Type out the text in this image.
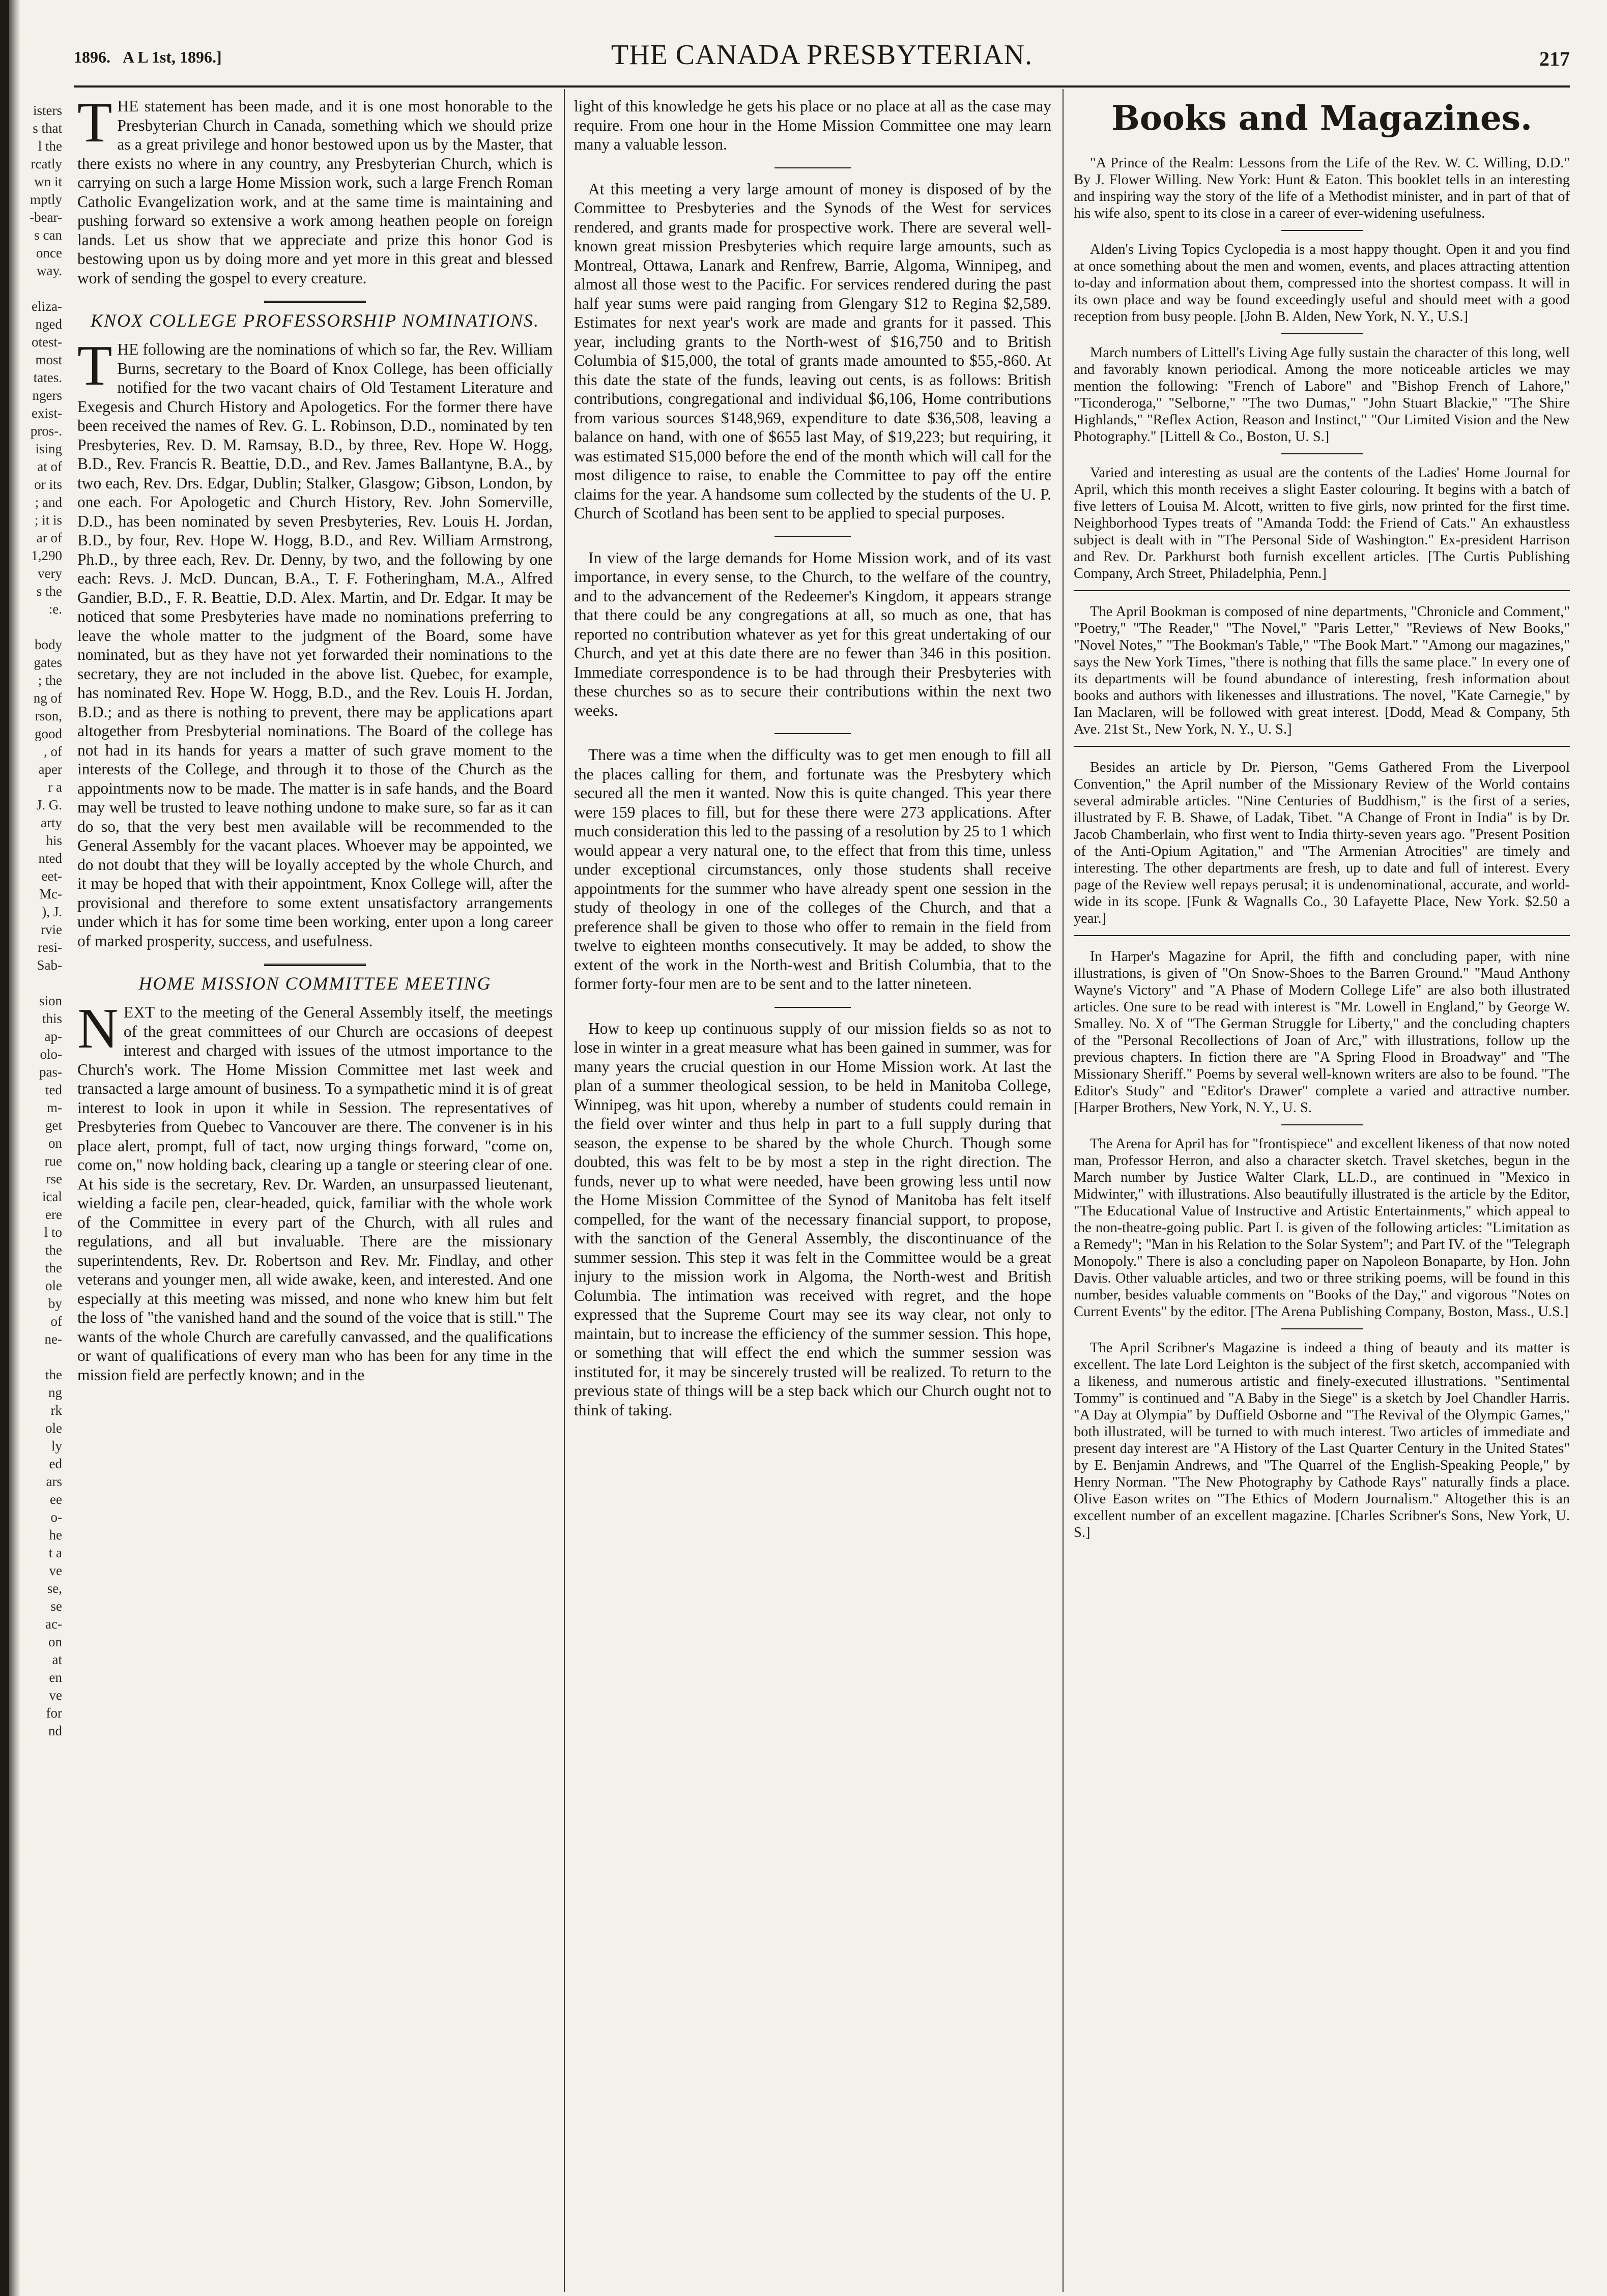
isters
s that
l the
rcatly
wn it
mptly
-bear-
s can
once
way.

eliza-
nged
otest-
most
tates.
ngers
exist-
pros-.
ising
at of
or its
; and
; it is
ar of
1,290
very
s the
:e.

body
gates
; the
ng of
rson,
good
, of
aper
r a
J. G.
arty
his
nted
eet-
Mc-
), J.
rvie
resi-
Sab-

sion
this
ap-
olo-
pas-
ted
m-
get
on
rue
rse
ical
ere
l to
the
the
ole
by
of
ne-

the
ng
rk
ole
ly
ed
ars
ee
o-
he
t a
ve
se,
se
ac-
on
at
en
ve
for
nd
1896. A L 1st, 1896.]	THE CANADA PRESBYTERIAN.	217

THE statement has been made, and it is one most honorable to the Presbyterian Church in Canada, something which we should prize as a great privilege and honor bestowed upon us by the Master, that there exists no where in any country, any Presbyterian Church, which is carrying on such a large Home Mission work, such a large French Roman Catholic Evangelization work, and at the same time is maintaining and pushing forward so extensive a work among heathen people on foreign lands. Let us show that we appreciate and prize this honor God is bestowing upon us by doing more and yet more in this great and blessed work of sending the gospel to every creature.

KNOX COLLEGE PROFESSORSHIP NOMINATIONS.

THE following are the nominations of which so far, the Rev. William Burns, secretary to the Board of Knox College, has been officially notified for the two vacant chairs of Old Testament Literature and Exegesis and Church History and Apologetics. For the former there have been received the names of Rev. G. L. Robinson, D.D., nominated by ten Presbyteries, Rev. D. M. Ramsay, B.D., by three, Rev. Hope W. Hogg, B.D., Rev. Francis R. Beattie, D.D., and Rev. James Ballantyne, B.A., by two each, Rev. Drs. Edgar, Dublin; Stalker, Glasgow; Gibson, London, by one each. For Apologetic and Church History, Rev. John Somerville, D.D., has been nominated by seven Presbyteries, Rev. Louis H. Jordan, B.D., by four, Rev. Hope W. Hogg, B.D., and Rev. William Armstrong, Ph.D., by three each, Rev. Dr. Denny, by two, and the following by one each: Revs. J. McD. Duncan, B.A., T. F. Fotheringham, M.A., Alfred Gandier, B.D., F. R. Beattie, D.D. Alex. Martin, and Dr. Edgar. It may be noticed that some Presbyteries have made no nominations preferring to leave the whole matter to the judgment of the Board, some have nominated, but as they have not yet forwarded their nominations to the secretary, they are not included in the above list. Quebec, for example, has nominated Rev. Hope W. Hogg, B.D., and the Rev. Louis H. Jordan, B.D.; and as there is nothing to prevent, there may be applications apart altogether from Presbyterial nominations. The Board of the college has not had in its hands for years a matter of such grave moment to the interests of the College, and through it to those of the Church as the appointments now to be made. The matter is in safe hands, and the Board may well be trusted to leave nothing undone to make sure, so far as it can do so, that the very best men available will be recommended to the General Assembly for the vacant places. Whoever may be appointed, we do not doubt that they will be loyally accepted by the whole Church, and it may be hoped that with their appointment, Knox College will, after the provisional and therefore to some extent unsatisfactory arrangements under which it has for some time been working, enter upon a long career of marked prosperity, success, and usefulness.

HOME MISSION COMMITTEE MEETING

NEXT to the meeting of the General Assembly itself, the meetings of the great committees of our Church are occasions of deepest interest and charged with issues of the utmost importance to the Church's work. The Home Mission Committee met last week and transacted a large amount of business. To a sympathetic mind it is of great interest to look in upon it while in Session. The representatives of Presbyteries from Quebec to Vancouver are there. The convener is in his place alert, prompt, full of tact, now urging things forward, "come on, come on," now holding back, clearing up a tangle or steering clear of one. At his side is the secretary, Rev. Dr. Warden, an unsurpassed lieutenant, wielding a facile pen, clear-headed, quick, familiar with the whole work of the Committee in every part of the Church, with all rules and regulations, and all but invaluable. There are the missionary superintendents, Rev. Dr. Robertson and Rev. Mr. Findlay, and other veterans and younger men, all wide awake, keen, and interested. And one especially at this meeting was missed, and none who knew him but felt the loss of "the vanished hand and the sound of the voice that is still." The wants of the whole Church are carefully canvassed, and the qualifications or want of qualifications of every man who has been for any time in the mission field are perfectly known; and in the

light of this knowledge he gets his place or no place at all as the case may require. From one hour in the Home Mission Committee one may learn many a valuable lesson.

At this meeting a very large amount of money is disposed of by the Committee to Presbyteries and the Synods of the West for services rendered, and grants made for prospective work. There are several well-known great mission Presbyteries which require large amounts, such as Montreal, Ottawa, Lanark and Renfrew, Barrie, Algoma, Winnipeg, and almost all those west to the Pacific. For services rendered during the past half year sums were paid ranging from Glengary $12 to Regina $2,589. Estimates for next year's work are made and grants for it passed. This year, including grants to the North-west of $16,750 and to British Columbia of $15,000, the total of grants made amounted to $55,-860. At this date the state of the funds, leaving out cents, is as follows: British contributions, congregational and individual $6,106, Home contributions from various sources $148,969, expenditure to date $36,508, leaving a balance on hand, with one of $655 last May, of $19,223; but requiring, it was estimated $15,000 before the end of the month which will call for the most diligence to raise, to enable the Committee to pay off the entire claims for the year. A handsome sum collected by the students of the U. P. Church of Scotland has been sent to be applied to special purposes.

In view of the large demands for Home Mission work, and of its vast importance, in every sense, to the Church, to the welfare of the country, and to the advancement of the Redeemer's Kingdom, it appears strange that there could be any congregations at all, so much as one, that has reported no contribution whatever as yet for this great undertaking of our Church, and yet at this date there are no fewer than 346 in this position. Immediate correspondence is to be had through their Presbyteries with these churches so as to secure their contributions within the next two weeks.

There was a time when the difficulty was to get men enough to fill all the places calling for them, and fortunate was the Presbytery which secured all the men it wanted. Now this is quite changed. This year there were 159 places to fill, but for these there were 273 applications. After much consideration this led to the passing of a resolution by 25 to 1 which would appear a very natural one, to the effect that from this time, unless under exceptional circumstances, only those students shall receive appointments for the summer who have already spent one session in the study of theology in one of the colleges of the Church, and that a preference shall be given to those who offer to remain in the field from twelve to eighteen months consecutively. It may be added, to show the extent of the work in the North-west and British Columbia, that to the former forty-four men are to be sent and to the latter nineteen.

How to keep up continuous supply of our mission fields so as not to lose in winter in a great measure what has been gained in summer, was for many years the crucial question in our Home Mission work. At last the plan of a summer theological session, to be held in Manitoba College, Winnipeg, was hit upon, whereby a number of students could remain in the field over winter and thus help in part to a full supply during that season, the expense to be shared by the whole Church. Though some doubted, this was felt to be by most a step in the right direction. The funds, never up to what were needed, have been growing less until now the Home Mission Committee of the Synod of Manitoba has felt itself compelled, for the want of the necessary financial support, to propose, with the sanction of the General Assembly, the discontinuance of the summer session. This step it was felt in the Committee would be a great injury to the mission work in Algoma, the North-west and British Columbia. The intimation was received with regret, and the hope expressed that the Supreme Court may see its way clear, not only to maintain, but to increase the efficiency of the summer session. This hope, or something that will effect the end which the summer session was instituted for, it may be sincerely trusted will be realized. To return to the previous state of things will be a step back which our Church ought not to think of taking.

Books and Magazines.

"A Prince of the Realm: Lessons from the Life of the Rev. W. C. Willing, D.D." By J. Flower Willing. New York: Hunt & Eaton. This booklet tells in an interesting and inspiring way the story of the life of a Methodist minister, and in part of that of his wife also, spent to its close in a career of ever-widening usefulness.

Alden's Living Topics Cyclopedia is a most happy thought. Open it and you find at once something about the men and women, events, and places attracting attention to-day and information about them, compressed into the shortest compass. It will in its own place and way be found exceedingly useful and should meet with a good reception from busy people. [John B. Alden, New York, N. Y., U.S.]

March numbers of Littell's Living Age fully sustain the character of this long, well and favorably known periodical. Among the more noticeable articles we may mention the following: "French of Labore" and "Bishop French of Lahore," "Ticonderoga," "Selborne," "The two Dumas," "John Stuart Blackie," "The Shire Highlands," "Reflex Action, Reason and Instinct," "Our Limited Vision and the New Photography." [Littell & Co., Boston, U. S.]

Varied and interesting as usual are the contents of the Ladies' Home Journal for April, which this month receives a slight Easter colouring. It begins with a batch of five letters of Louisa M. Alcott, written to five girls, now printed for the first time. Neighborhood Types treats of "Amanda Todd: the Friend of Cats." An exhaustless subject is dealt with in "The Personal Side of Washington." Ex-president Harrison and Rev. Dr. Parkhurst both furnish excellent articles. [The Curtis Publishing Company, Arch Street, Philadelphia, Penn.]

The April Bookman is composed of nine departments, "Chronicle and Comment," "Poetry," "The Reader," "The Novel," "Paris Letter," "Reviews of New Books," "Novel Notes," "The Bookman's Table," "The Book Mart." "Among our magazines," says the New York Times, "there is nothing that fills the same place." In every one of its departments will be found abundance of interesting, fresh information about books and authors with likenesses and illustrations. The novel, "Kate Carnegie," by Ian Maclaren, will be followed with great interest. [Dodd, Mead & Company, 5th Ave. 21st St., New York, N. Y., U. S.]

Besides an article by Dr. Pierson, "Gems Gathered From the Liverpool Convention," the April number of the Missionary Review of the World contains several admirable articles. "Nine Centuries of Buddhism," is the first of a series, illustrated by F. B. Shawe, of Ladak, Tibet. "A Change of Front in India" is by Dr. Jacob Chamberlain, who first went to India thirty-seven years ago. "Present Position of the Anti-Opium Agitation," and "The Armenian Atrocities" are timely and interesting. The other departments are fresh, up to date and full of interest. Every page of the Review well repays perusal; it is undenominational, accurate, and world-wide in its scope. [Funk & Wagnalls Co., 30 Lafayette Place, New York. $2.50 a year.]

In Harper's Magazine for April, the fifth and concluding paper, with nine illustrations, is given of "On Snow-Shoes to the Barren Ground." "Maud Anthony Wayne's Victory" and "A Phase of Modern College Life" are also both illustrated articles. One sure to be read with interest is "Mr. Lowell in England," by George W. Smalley. No. X of "The German Struggle for Liberty," and the concluding chapters of the "Personal Recollections of Joan of Arc," with illustrations, follow up the previous chapters. In fiction there are "A Spring Flood in Broadway" and "The Missionary Sheriff." Poems by several well-known writers are also to be found. "The Editor's Study" and "Editor's Drawer" complete a varied and attractive number. [Harper Brothers, New York, N. Y., U. S.

The Arena for April has for "frontispiece" and excellent likeness of that now noted man, Professor Herron, and also a character sketch. Travel sketches, begun in the March number by Justice Walter Clark, LL.D., are continued in "Mexico in Midwinter," with illustrations. Also beautifully illustrated is the article by the Editor, "The Educational Value of Instructive and Artistic Entertainments," which appeal to the non-theatre-going public. Part I. is given of the following articles: "Limitation as a Remedy"; "Man in his Relation to the Solar System"; and Part IV. of the "Telegraph Monopoly." There is also a concluding paper on Napoleon Bonaparte, by Hon. John Davis. Other valuable articles, and two or three striking poems, will be found in this number, besides valuable comments on "Books of the Day," and vigorous "Notes on Current Events" by the editor. [The Arena Publishing Company, Boston, Mass., U.S.]

The April Scribner's Magazine is indeed a thing of beauty and its matter is excellent. The late Lord Leighton is the subject of the first sketch, accompanied with a likeness, and numerous artistic and finely-executed illustrations. "Sentimental Tommy" is continued and "A Baby in the Siege" is a sketch by Joel Chandler Harris. "A Day at Olympia" by Duffield Osborne and "The Revival of the Olympic Games," both illustrated, will be turned to with much interest. Two articles of immediate and present day interest are "A History of the Last Quarter Century in the United States" by E. Benjamin Andrews, and "The Quarrel of the English-Speaking People," by Henry Norman. "The New Photography by Cathode Rays" naturally finds a place. Olive Eason writes on "The Ethics of Modern Journalism." Altogether this is an excellent number of an excellent magazine. [Charles Scribner's Sons, New York, U. S.]
